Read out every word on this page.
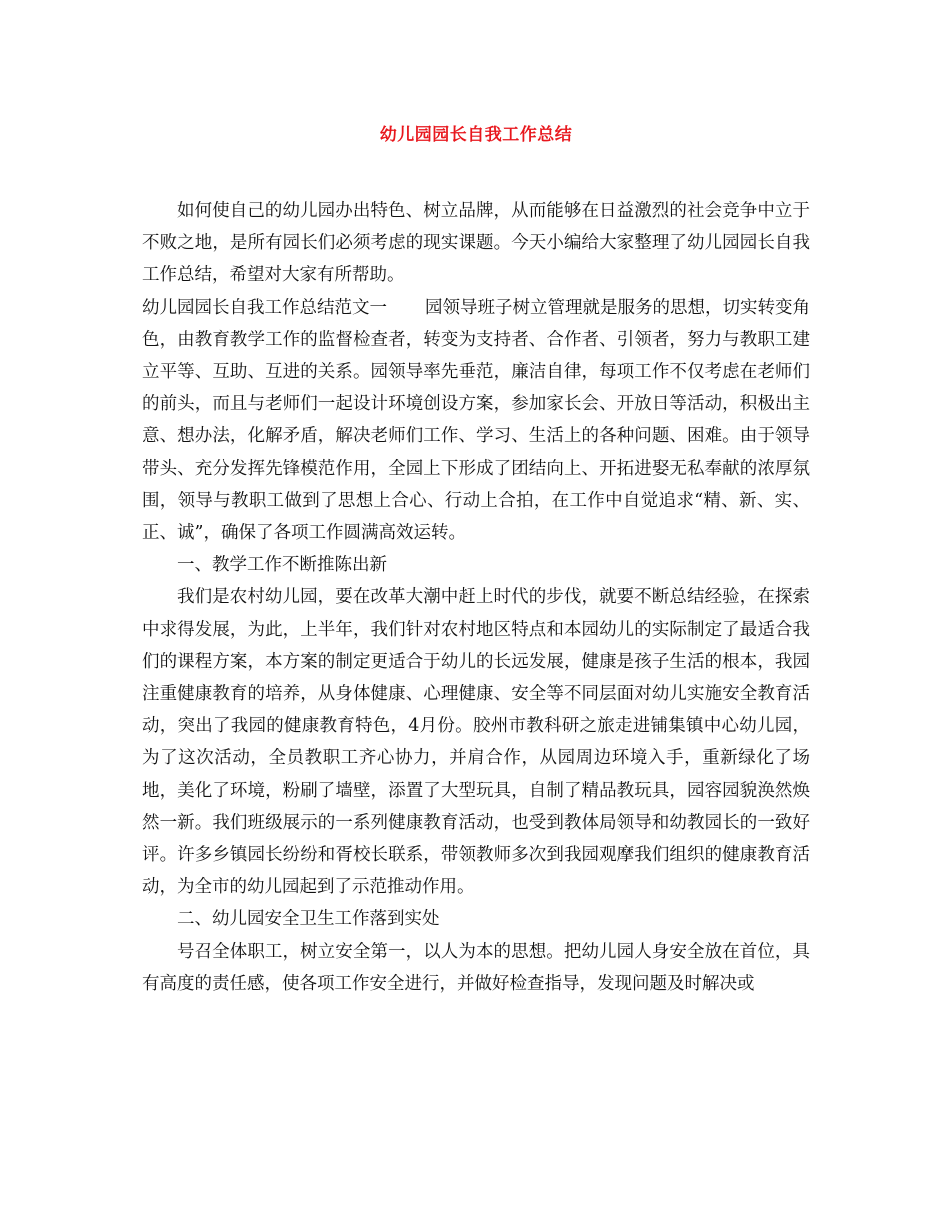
幼儿园园长自我工作总结

如何使自己的幼儿园办出特色、树立品牌，从而能够在日益激烈的社会竞争中立于不败之地，是所有园长们必须考虑的现实课题。今天小编给大家整理了幼儿园园长自我工作总结，希望对大家有所帮助。

幼儿园园长自我工作总结范文一 园领导班子树立管理就是服务的思想，切实转变角色，由教育教学工作的监督检查者，转变为支持者、合作者、引领者，努力与教职工建立平等、互助、互进的关系。园领导率先垂范，廉洁自律，每项工作不仅考虑在老师们的前头，而且与老师们一起设计环境创设方案，参加家长会、开放日等活动，积极出主意、想办法，化解矛盾，解决老师们工作、学习、生活上的各种问题、困难。由于领导带头、充分发挥先锋模范作用，全园上下形成了团结向上、开拓进娶无私奉献的浓厚氛围，领导与教职工做到了思想上合心、行动上合拍，在工作中自觉追求“精、新、实、正、诚”，确保了各项工作圆满高效运转。

一、教学工作不断推陈出新

我们是农村幼儿园，要在改革大潮中赶上时代的步伐，就要不断总结经验，在探索中求得发展，为此，上半年，我们针对农村地区特点和本园幼儿的实际制定了最适合我们的课程方案，本方案的制定更适合于幼儿的长远发展，健康是孩子生活的根本，我园注重健康教育的培养，从身体健康、心理健康、安全等不同层面对幼儿实施安全教育活动，突出了我园的健康教育特色，4月份。胶州市教科研之旅走进铺集镇中心幼儿园，为了这次活动，全员教职工齐心协力，并肩合作，从园周边环境入手，重新绿化了场地，美化了环境，粉刷了墙壁，添置了大型玩具，自制了精品教玩具，园容园貌涣然焕然一新。我们班级展示的一系列健康教育活动，也受到教体局领导和幼教园长的一致好评。许多乡镇园长纷纷和胥校长联系，带领教师多次到我园观摩我们组织的健康教育活动，为全市的幼儿园起到了示范推动作用。

二、幼儿园安全卫生工作落到实处

号召全体职工，树立安全第一，以人为本的思想。把幼儿园人身安全放在首位，具有高度的责任感，使各项工作安全进行，并做好检查指导，发现问题及时解决或
